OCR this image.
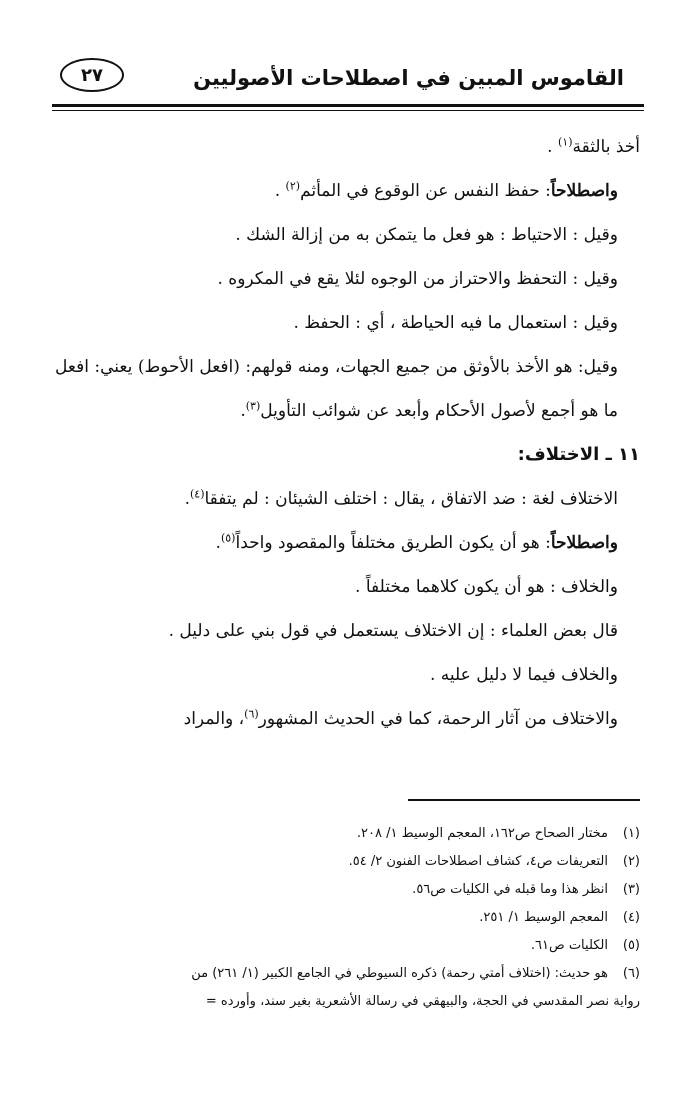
القاموس المبين في اصطلاحات الأصوليين
٢٧

أخذ بالثقة$^{(١)}$ .

واصطلاحاً: حفظ النفس عن الوقوع في المأثم$^{(٢)}$ .

وقيل : الاحتياط : هو فعل ما يتمكن به من إزالة الشك .

وقيل : التحفظ والاحتراز من الوجوه لئلا يقع في المكروه .

وقيل : استعمال ما فيه الحياطة ، أي : الحفظ .

وقيل: هو الأخذ بالأوثق من جميع الجهات، ومنه قولهم: (افعل الأحوط) يعني: افعل ما هو أجمع لأصول الأحكام وأبعد عن شوائب التأويل$^{(٣)}$.

١١ ـ الاختلاف:

الاختلاف لغة : ضد الاتفاق ، يقال : اختلف الشيئان : لم يتفقا$^{(٤)}$.

واصطلاحاً: هو أن يكون الطريق مختلفاً والمقصود واحداً$^{(٥)}$.

والخلاف : هو أن يكون كلاهما مختلفاً .

قال بعض العلماء : إن الاختلاف يستعمل في قول بني على دليل .

والخلاف فيما لا دليل عليه .

والاختلاف من آثار الرحمة، كما في الحديث المشهور$^{(٦)}$، والمراد

(١)
مختار الصحاح ص١٦٢، المعجم الوسيط ١/ ٢٠٨.

(٢)
التعريفات ص٤، كشاف اصطلاحات الفنون ٢/ ٥٤.

(٣)
انظر هذا وما قبله في الكليات ص٥٦.

(٤)
المعجم الوسيط ١/ ٢٥١.

(٥)
الكليات ص٦١.

(٦)
هو حديث: (اختلاف أمتي رحمة) ذكره السيوطي في الجامع الكبير (١/ ٢٦١) من

رواية نصر المقدسي في الحجة، والبيهقي في رسالة الأشعرية بغير سند، وأورده =
